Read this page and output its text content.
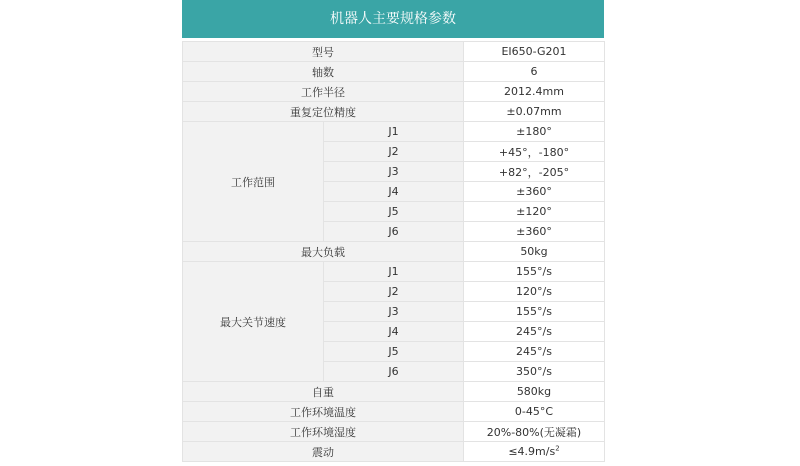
机器人主要规格参数
型号		EI650-G201
轴数		6
工作半径		2012.4mm
重复定位精度		±0.07mm
工作范围	J1	±180°
	J2	+45°，-180°
	J3	+82°，-205°
	J4	±360°
	J5	±120°
	J6	±360°
最大负载		50kg
最大关节速度	J1	155°/s
	J2	120°/s
	J3	155°/s
	J4	245°/s
	J5	245°/s
	J6	350°/s
自重		580kg
工作环境温度		0-45°C
工作环境湿度		20%-80%(无凝霜)
震动		$\le 4.9m/s^2$
